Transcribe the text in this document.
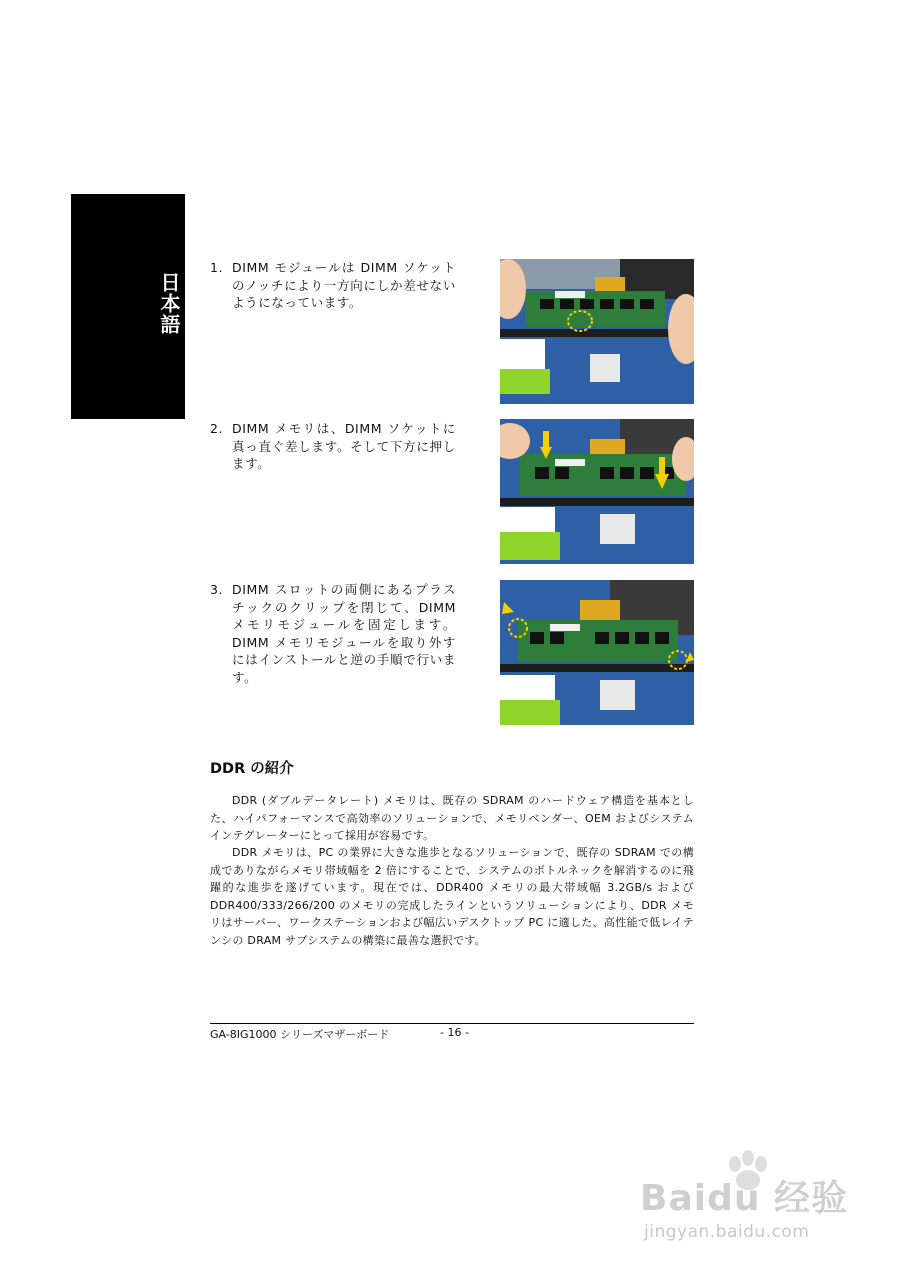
日本語
1. DIMM モジュールは DIMM ソケットのノッチにより一方向にしか差せないようになっています。
2. DIMM メモリは、DIMM ソケットに真っ直ぐ差します。そして下方に押します。
3. DIMM スロットの両側にあるプラスチックのクリップを閉じて、DIMM メモリモジュールを固定します。DIMM メモリモジュールを取り外すにはインストールと逆の手順で行います。
DDR の紹介
DDR (ダブルデータレート) メモリは、既存の SDRAM のハードウェア構造を基本とした、ハイパフォーマンスで高効率のソリューションで、メモリベンダー、OEM およびシステムインテグレーターにとって採用が容易です。
DDR メモリは、PC の業界に大きな進歩となるソリューションで、既存の SDRAM での構成でありながらメモリ帯域幅を 2 倍にすることで、システムのボトルネックを解消するのに飛躍的な進歩を遂げています。現在では、DDR400 メモリの最大帯域幅 3.2GB/s および DDR400/333/266/200 のメモリの完成したラインというソリューションにより、DDR メモリはサーバー、ワークステーションおよび幅広いデスクトップ PC に適した、高性能で低レイテンシの DRAM サブシステムの構築に最善な選択です。
GA-8IG1000 シリーズマザーボード	- 16 -
Baidu 经验
jingyan.baidu.com
